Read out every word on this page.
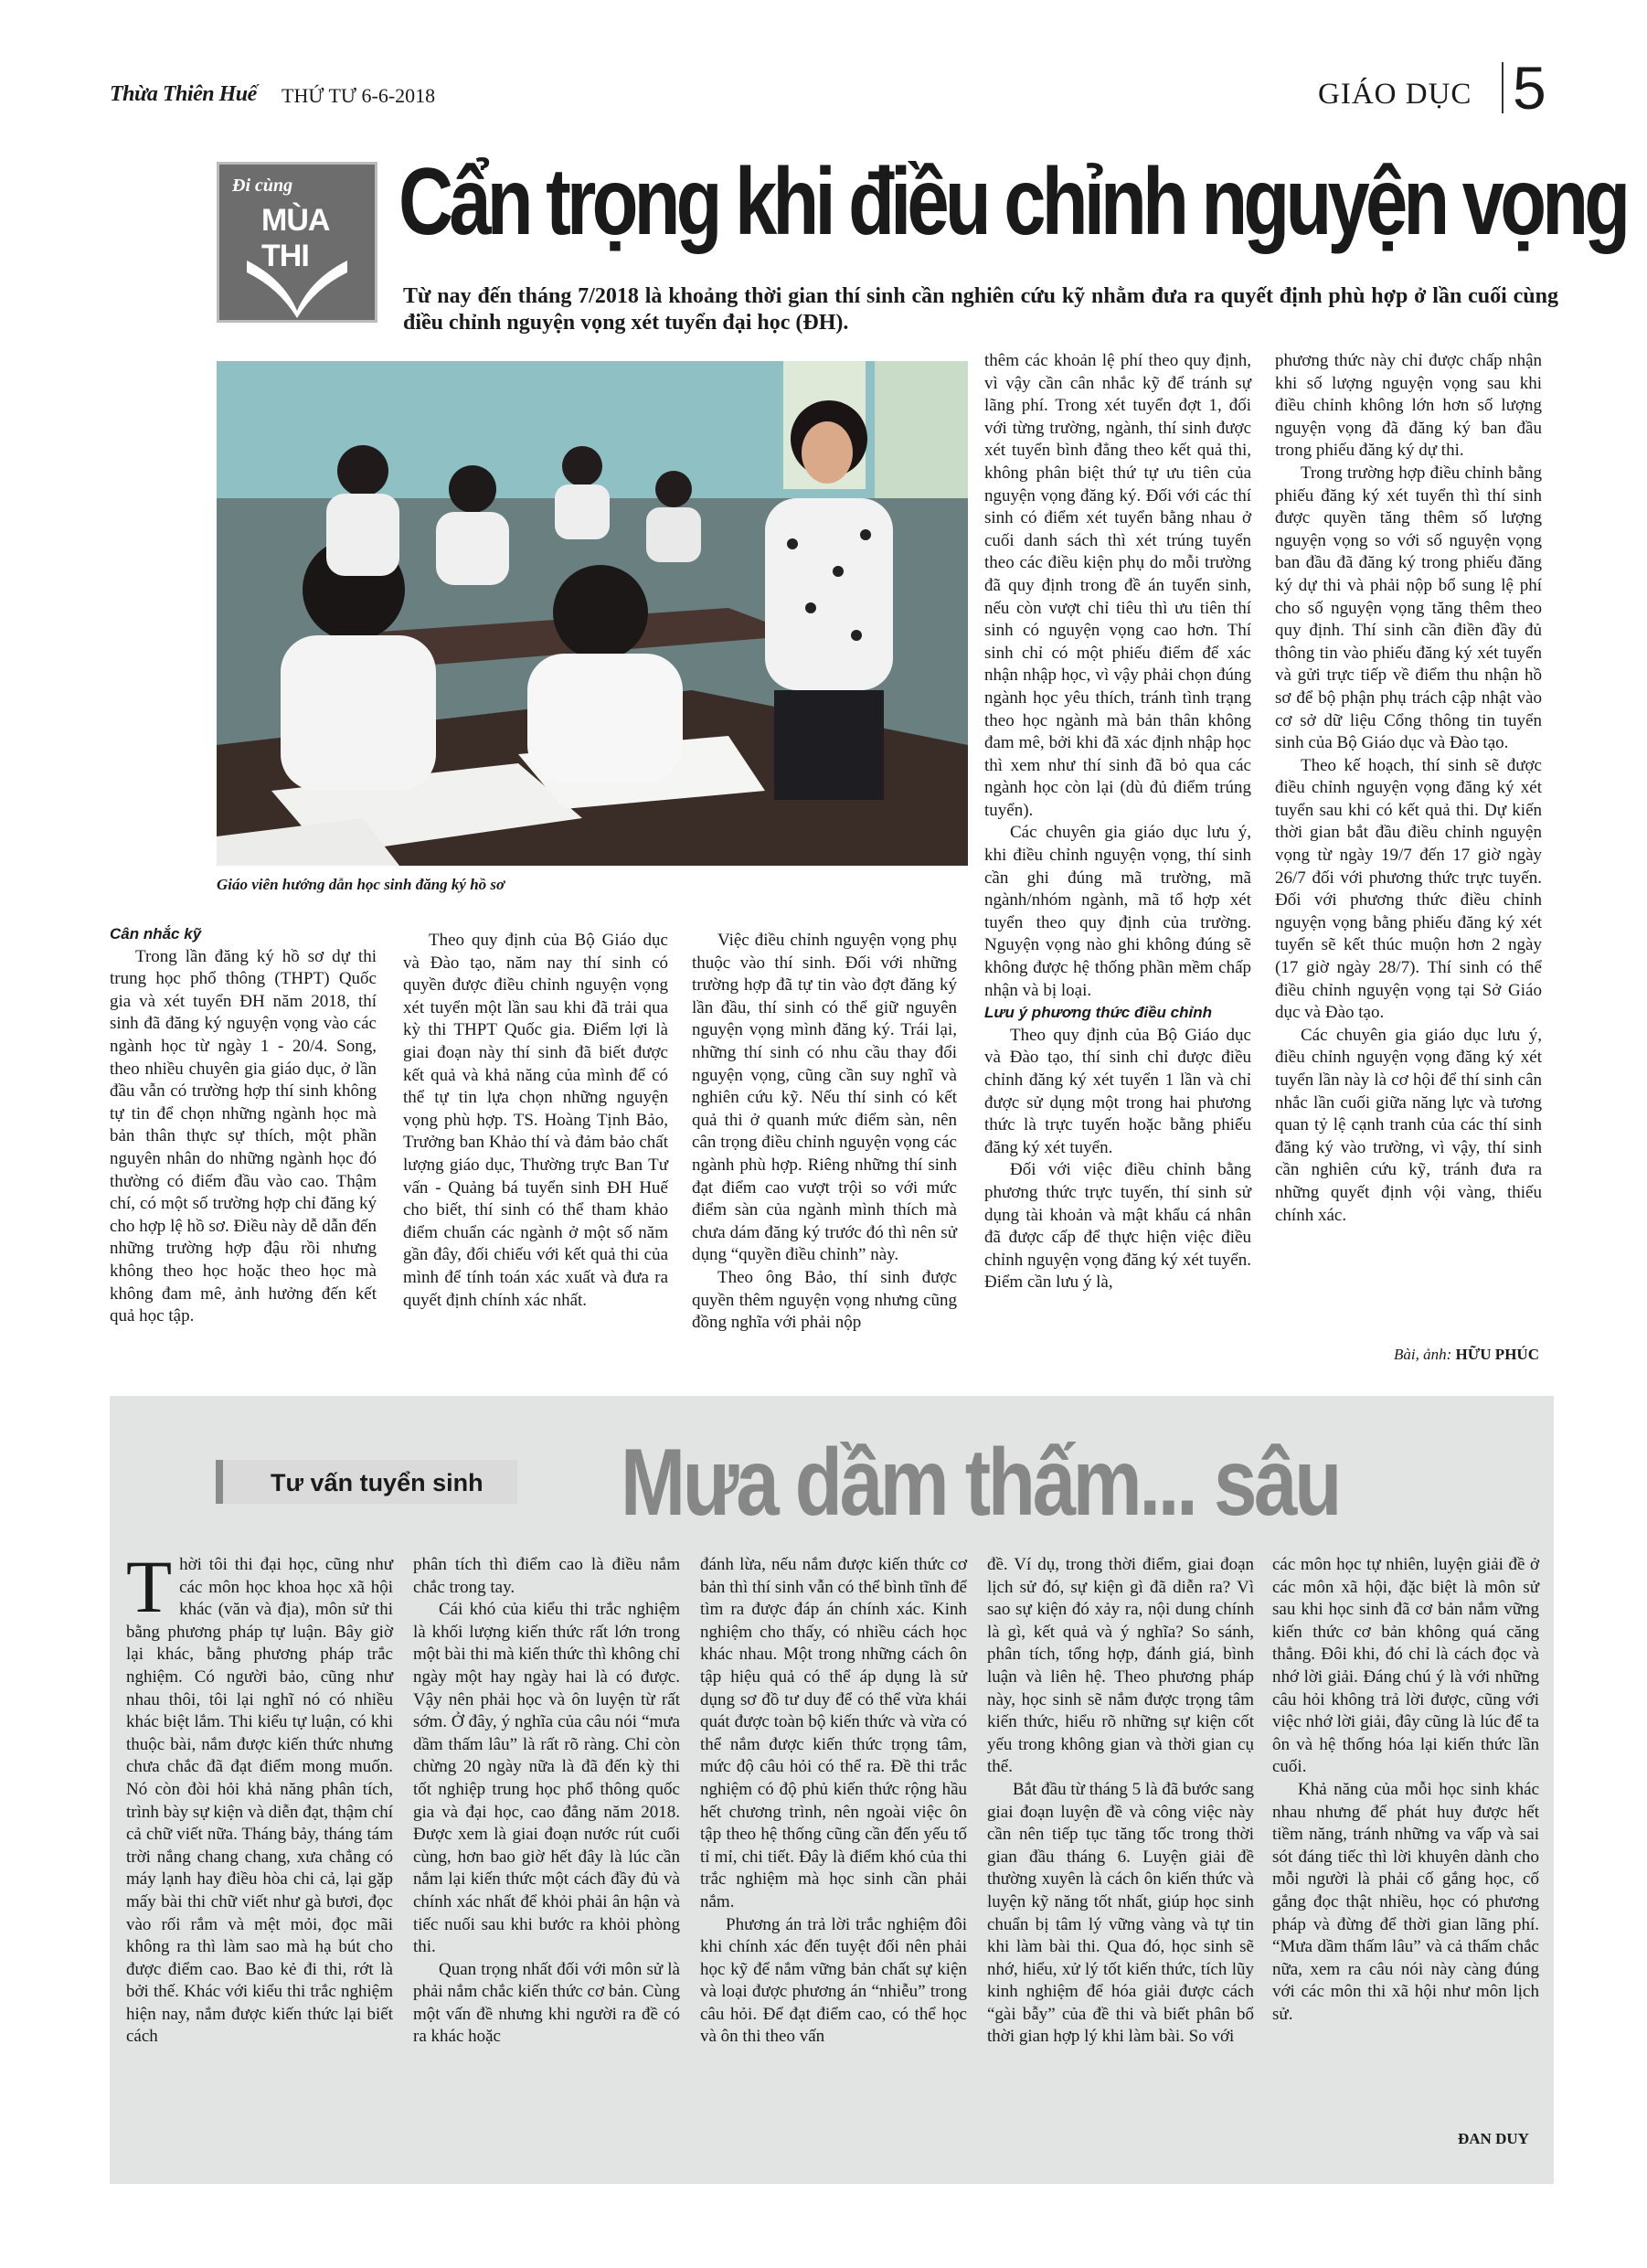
Thừa Thiên Huế THỨ TƯ 6-6-2018	GIÁO DỤC 5
Đi cùng
MÙA THI
Cẩn trọng khi điều chỉnh nguyện vọng
Từ nay đến tháng 7/2018 là khoảng thời gian thí sinh cần nghiên cứu kỹ nhằm đưa ra quyết định phù hợp ở lần cuối cùng điều chỉnh nguyện vọng xét tuyển đại học (ĐH).
Giáo viên hướng dẫn học sinh đăng ký hồ sơ

Cân nhắc kỹ

Trong lần đăng ký hồ sơ dự thi trung học phổ thông (THPT) Quốc gia và xét tuyển ĐH năm 2018, thí sinh đã đăng ký nguyện vọng vào các ngành học từ ngày 1 - 20/4. Song, theo nhiều chuyên gia giáo dục, ở lần đầu vẫn có trường hợp thí sinh không tự tin để chọn những ngành học mà bản thân thực sự thích, một phần nguyên nhân do những ngành học đó thường có điểm đầu vào cao. Thậm chí, có một số trường hợp chỉ đăng ký cho hợp lệ hồ sơ. Điều này dễ dẫn đến những trường hợp đậu rồi nhưng không theo học hoặc theo học mà không đam mê, ảnh hưởng đến kết quả học tập.

Theo quy định của Bộ Giáo dục và Đào tạo, năm nay thí sinh có quyền được điều chỉnh nguyện vọng xét tuyển một lần sau khi đã trải qua kỳ thi THPT Quốc gia. Điểm lợi là giai đoạn này thí sinh đã biết được kết quả và khả năng của mình để có thể tự tin lựa chọn những nguyện vọng phù hợp. TS. Hoàng Tịnh Bảo, Trưởng ban Khảo thí và đảm bảo chất lượng giáo dục, Thường trực Ban Tư vấn - Quảng bá tuyển sinh ĐH Huế cho biết, thí sinh có thể tham khảo điểm chuẩn các ngành ở một số năm gần đây, đối chiếu với kết quả thi của mình để tính toán xác xuất và đưa ra quyết định chính xác nhất.

Việc điều chỉnh nguyện vọng phụ thuộc vào thí sinh. Đối với những trường hợp đã tự tin vào đợt đăng ký lần đầu, thí sinh có thể giữ nguyên nguyện vọng mình đăng ký. Trái lại, những thí sinh có nhu cầu thay đổi nguyện vọng, cũng cần suy nghĩ và nghiên cứu kỹ. Nếu thí sinh có kết quả thi ở quanh mức điểm sàn, nên cân trọng điều chỉnh nguyện vọng các ngành phù hợp. Riêng những thí sinh đạt điểm cao vượt trội so với mức điểm sàn của ngành mình thích mà chưa dám đăng ký trước đó thì nên sử dụng “quyền điều chỉnh” này.

Theo ông Bảo, thí sinh được quyền thêm nguyện vọng nhưng cũng đồng nghĩa với phải nộp

thêm các khoản lệ phí theo quy định, vì vậy cần cân nhắc kỹ để tránh sự lãng phí. Trong xét tuyển đợt 1, đối với từng trường, ngành, thí sinh được xét tuyển bình đẳng theo kết quả thi, không phân biệt thứ tự ưu tiên của nguyện vọng đăng ký. Đối với các thí sinh có điểm xét tuyển bằng nhau ở cuối danh sách thì xét trúng tuyển theo các điều kiện phụ do mỗi trường đã quy định trong đề án tuyển sinh, nếu còn vượt chỉ tiêu thì ưu tiên thí sinh có nguyện vọng cao hơn. Thí sinh chỉ có một phiếu điểm để xác nhận nhập học, vì vậy phải chọn đúng ngành học yêu thích, tránh tình trạng theo học ngành mà bản thân không đam mê, bởi khi đã xác định nhập học thì xem như thí sinh đã bỏ qua các ngành học còn lại (dù đủ điểm trúng tuyển).

Các chuyên gia giáo dục lưu ý, khi điều chỉnh nguyện vọng, thí sinh cần ghi đúng mã trường, mã ngành/nhóm ngành, mã tổ hợp xét tuyển theo quy định của trường. Nguyện vọng nào ghi không đúng sẽ không được hệ thống phần mềm chấp nhận và bị loại.

Lưu ý phương thức điều chỉnh

Theo quy định của Bộ Giáo dục và Đào tạo, thí sinh chỉ được điều chỉnh đăng ký xét tuyển 1 lần và chỉ được sử dụng một trong hai phương thức là trực tuyến hoặc bằng phiếu đăng ký xét tuyển.

Đối với việc điều chỉnh bằng phương thức trực tuyến, thí sinh sử dụng tài khoản và mật khẩu cá nhân đã được cấp để thực hiện việc điều chỉnh nguyện vọng đăng ký xét tuyển. Điểm cần lưu ý là,

phương thức này chỉ được chấp nhận khi số lượng nguyện vọng sau khi điều chỉnh không lớn hơn số lượng nguyện vọng đã đăng ký ban đầu trong phiếu đăng ký dự thi.

Trong trường hợp điều chỉnh bằng phiếu đăng ký xét tuyển thì thí sinh được quyền tăng thêm số lượng nguyện vọng so với số nguyện vọng ban đầu đã đăng ký trong phiếu đăng ký dự thi và phải nộp bổ sung lệ phí cho số nguyện vọng tăng thêm theo quy định. Thí sinh cần điền đầy đủ thông tin vào phiếu đăng ký xét tuyển và gửi trực tiếp về điểm thu nhận hồ sơ để bộ phận phụ trách cập nhật vào cơ sở dữ liệu Cổng thông tin tuyển sinh của Bộ Giáo dục và Đào tạo.

Theo kế hoạch, thí sinh sẽ được điều chỉnh nguyện vọng đăng ký xét tuyển sau khi có kết quả thi. Dự kiến thời gian bắt đầu điều chỉnh nguyện vọng từ ngày 19/7 đến 17 giờ ngày 26/7 đối với phương thức trực tuyến. Đối với phương thức điều chỉnh nguyện vọng bằng phiếu đăng ký xét tuyển sẽ kết thúc muộn hơn 2 ngày (17 giờ ngày 28/7). Thí sinh có thể điều chỉnh nguyện vọng tại Sở Giáo dục và Đào tạo.

Các chuyên gia giáo dục lưu ý, điều chỉnh nguyện vọng đăng ký xét tuyển lần này là cơ hội để thí sinh cân nhắc lần cuối giữa năng lực và tương quan tỷ lệ cạnh tranh của các thí sinh đăng ký vào trường, vì vậy, thí sinh cần nghiên cứu kỹ, tránh đưa ra những quyết định vội vàng, thiếu chính xác.

Bài, ảnh: HỮU PHÚC
Tư vấn tuyển sinh Mưa dầm thấm... sâu

Thời tôi thi đại học, cũng như các môn học khoa học xã hội khác (văn và địa), môn sử thi bằng phương pháp tự luận. Bây giờ lại khác, bằng phương pháp trắc nghiệm. Có người bảo, cũng như nhau thôi, tôi lại nghĩ nó có nhiều khác biệt lắm. Thi kiểu tự luận, có khi thuộc bài, nắm được kiến thức nhưng chưa chắc đã đạt điểm mong muốn. Nó còn đòi hỏi khả năng phân tích, trình bày sự kiện và diễn đạt, thậm chí cả chữ viết nữa. Tháng bảy, tháng tám trời nắng chang chang, xưa chẳng có máy lạnh hay điều hòa chi cả, lại gặp mấy bài thi chữ viết như gà bươi, đọc vào rối rắm và mệt mỏi, đọc mãi không ra thì làm sao mà hạ bút cho được điểm cao. Bao kẻ đi thi, rớt là bởi thế. Khác với kiểu thi trắc nghiệm hiện nay, nắm được kiến thức lại biết cách

phân tích thì điểm cao là điều nắm chắc trong tay.

Cái khó của kiểu thi trắc nghiệm là khối lượng kiến thức rất lớn trong một bài thi mà kiến thức thì không chỉ ngày một hay ngày hai là có được. Vậy nên phải học và ôn luyện từ rất sớm. Ở đây, ý nghĩa của câu nói “mưa dầm thấm lâu” là rất rõ ràng. Chỉ còn chừng 20 ngày nữa là đã đến kỳ thi tốt nghiệp trung học phổ thông quốc gia và đại học, cao đẳng năm 2018. Được xem là giai đoạn nước rút cuối cùng, hơn bao giờ hết đây là lúc cần nắm lại kiến thức một cách đầy đủ và chính xác nhất để khỏi phải ân hận và tiếc nuối sau khi bước ra khỏi phòng thi.

Quan trọng nhất đối với môn sử là phải nắm chắc kiến thức cơ bản. Cùng một vấn đề nhưng khi người ra đề có ra khác hoặc

đánh lừa, nếu nắm được kiến thức cơ bản thì thí sinh vẫn có thể bình tĩnh để tìm ra được đáp án chính xác. Kinh nghiệm cho thấy, có nhiều cách học khác nhau. Một trong những cách ôn tập hiệu quả có thể áp dụng là sử dụng sơ đồ tư duy để có thể vừa khái quát được toàn bộ kiến thức và vừa có thể nắm được kiến thức trọng tâm, mức độ câu hỏi có thể ra. Đề thi trắc nghiệm có độ phủ kiến thức rộng hầu hết chương trình, nên ngoài việc ôn tập theo hệ thống cũng cần đến yếu tố tỉ mỉ, chi tiết. Đây là điểm khó của thi trắc nghiệm mà học sinh cần phải nắm.

Phương án trả lời trắc nghiệm đôi khi chính xác đến tuyệt đối nên phải học kỹ để nắm vững bản chất sự kiện và loại được phương án “nhiễu” trong câu hỏi. Để đạt điểm cao, có thể học và ôn thi theo vấn

đề. Ví dụ, trong thời điểm, giai đoạn lịch sử đó, sự kiện gì đã diễn ra? Vì sao sự kiện đó xảy ra, nội dung chính là gì, kết quả và ý nghĩa? So sánh, phân tích, tổng hợp, đánh giá, bình luận và liên hệ. Theo phương pháp này, học sinh sẽ nắm được trọng tâm kiến thức, hiểu rõ những sự kiện cốt yếu trong không gian và thời gian cụ thể.

Bắt đầu từ tháng 5 là đã bước sang giai đoạn luyện đề và công việc này cần nên tiếp tục tăng tốc trong thời gian đầu tháng 6. Luyện giải đề thường xuyên là cách ôn kiến thức và luyện kỹ năng tốt nhất, giúp học sinh chuẩn bị tâm lý vững vàng và tự tin khi làm bài thi. Qua đó, học sinh sẽ nhớ, hiểu, xử lý tốt kiến thức, tích lũy kinh nghiệm để hóa giải được cách “gài bẫy” của đề thi và biết phân bổ thời gian hợp lý khi làm bài. So với

các môn học tự nhiên, luyện giải đề ở các môn xã hội, đặc biệt là môn sử sau khi học sinh đã cơ bản nắm vững kiến thức cơ bản không quá căng thẳng. Đôi khi, đó chỉ là cách đọc và nhớ lời giải. Đáng chú ý là với những câu hỏi không trả lời được, cũng với việc nhớ lời giải, đây cũng là lúc để ta ôn và hệ thống hóa lại kiến thức lần cuối.

Khả năng của mỗi học sinh khác nhau nhưng để phát huy được hết tiềm năng, tránh những va vấp và sai sót đáng tiếc thì lời khuyên dành cho mỗi người là phải cố gắng học, cố gắng đọc thật nhiều, học có phương pháp và đừng để thời gian lãng phí. “Mưa dầm thấm lâu” và cả thấm chắc nữa, xem ra câu nói này càng đúng với các môn thi xã hội như môn lịch sử.

ĐAN DUY
